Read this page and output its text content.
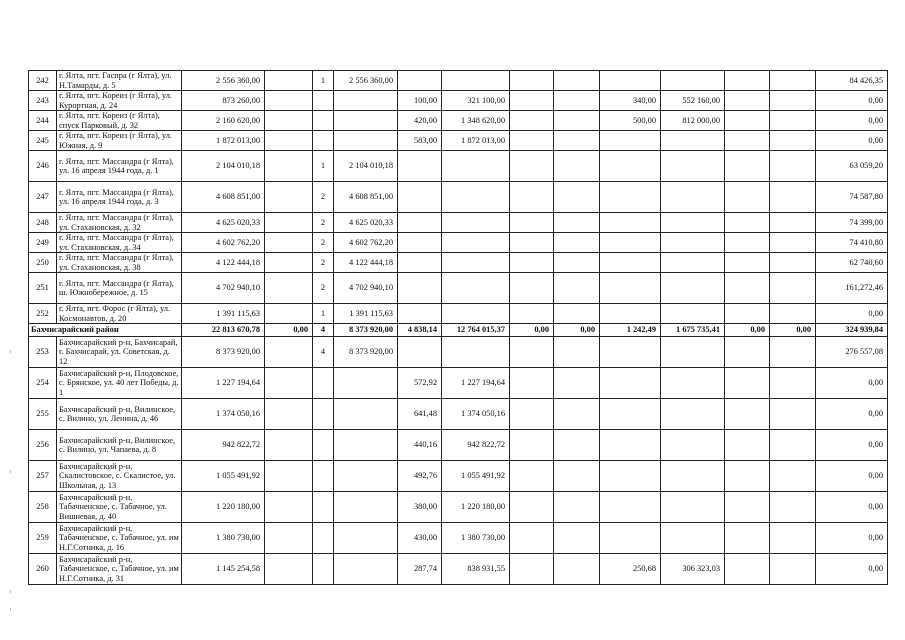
242	г. Ялта, пгт. Гаспра (г Ялта), ул. Н.Тамарды, д. 5	2 556 360,00		1	2 556 360,00									84 426,35
243	г. Ялта, пгт. Кореиз (г Ялта), ул. Курортная, д. 24	873 260,00				100,00	321 100,00			340,00	552 160,00			0,00
244	г. Ялта, пгт. Кореиз (г Ялта), спуск Парковый, д. 32	2 160 620,00				420,00	1 348 620,00			500,00	812 000,00			0,00
245	г. Ялта, пгт. Кореиз (г Ялта), ул. Южная, д. 9	1 872 013,00				583,00	1 872 013,00							0,00
246	г. Ялта, пгт. Массандра (г Ялта), ул. 16 апреля 1944 года, д. 1	2 104 010,18		1	2 104 010,18									63 059,20
247	г. Ялта, пгт. Массандра (г Ялта), ул. 16 апреля 1944 года, д. 3	4 608 851,00		2	4 608 851,00									74 587,80
248	г. Ялта, пгт. Массандра (г Ялта), ул. Стахановская, д. 32	4 625 020,33		2	4 625 020,33									74 399,00
249	г. Ялта, пгт. Массандра (г Ялта), ул. Стахановская, д. 34	4 602 762,20		2	4 602 762,20									74 410,80
250	г. Ялта, пгт. Массандра (г Ялта), ул. Стахановская, д. 38	4 122 444,18		2	4 122 444,18									62 740,60
251	г. Ялта, пгт. Массандра (г Ялта), ш. Южнобережное, д. 15	4 702 940,10		2	4 702 940,10									161,272,46
252	г. Ялта, пгт. Форос (г Ялта), ул. Космонавтов, д. 20	1 391 115,63		1	1 391 115,63									0,00
Бахчисарайский район		22 813 670,78	0,00	4	8 373 920,00	4 838,14	12 764 015,37	0,00	0,00	1 242,49	1 675 735,41	0,00	0,00	324 939,84
253	Бахчисарайский р-н, Бахчисарай, г. Бахчисарай, ул. Советская, д. 12	8 373 920,00		4	8 373 920,00									276 557,08
254	Бахчисарайский р-н, Плодовское, с. Брянское, ул. 40 лет Победы, д. 1	1 227 194,64				572,92	1 227 194,64							0,00
255	Бахчисарайский р-н, Вилинское, с. Вилино, ул. Ленина, д. 46	1 374 050,16				641,48	1 374 050,16							0,00
256	Бахчисарайский р-н, Вилинское, с. Вилино, ул. Чапаева, д. 8	942 822,72				440,16	942 822,72							0,00
257	Бахчисарайский р-н, Скалистовское, с. Скалистое, ул. Школьная, д. 13	1 055 491,92				492,76	1 055 491,92							0,00
258	Бахчисарайский р-н, Табачненское, с. Табачное, ул. Вишневая, д. 40	1 220 180,00				380,00	1 220 180,00							0,00
259	Бахчисарайский р-н, Табачненское, с. Табачное, ул. им Н.Г.Сотника, д. 16	1 380 730,00				430,00	1 380 730,00							0,00
260	Бахчисарайский р-н, Табачненское, с. Табачное, ул. им Н.Г.Сотника, д. 31	1 145 254,58				287,74	838 931,55			250,68	306 323,03			0,00
